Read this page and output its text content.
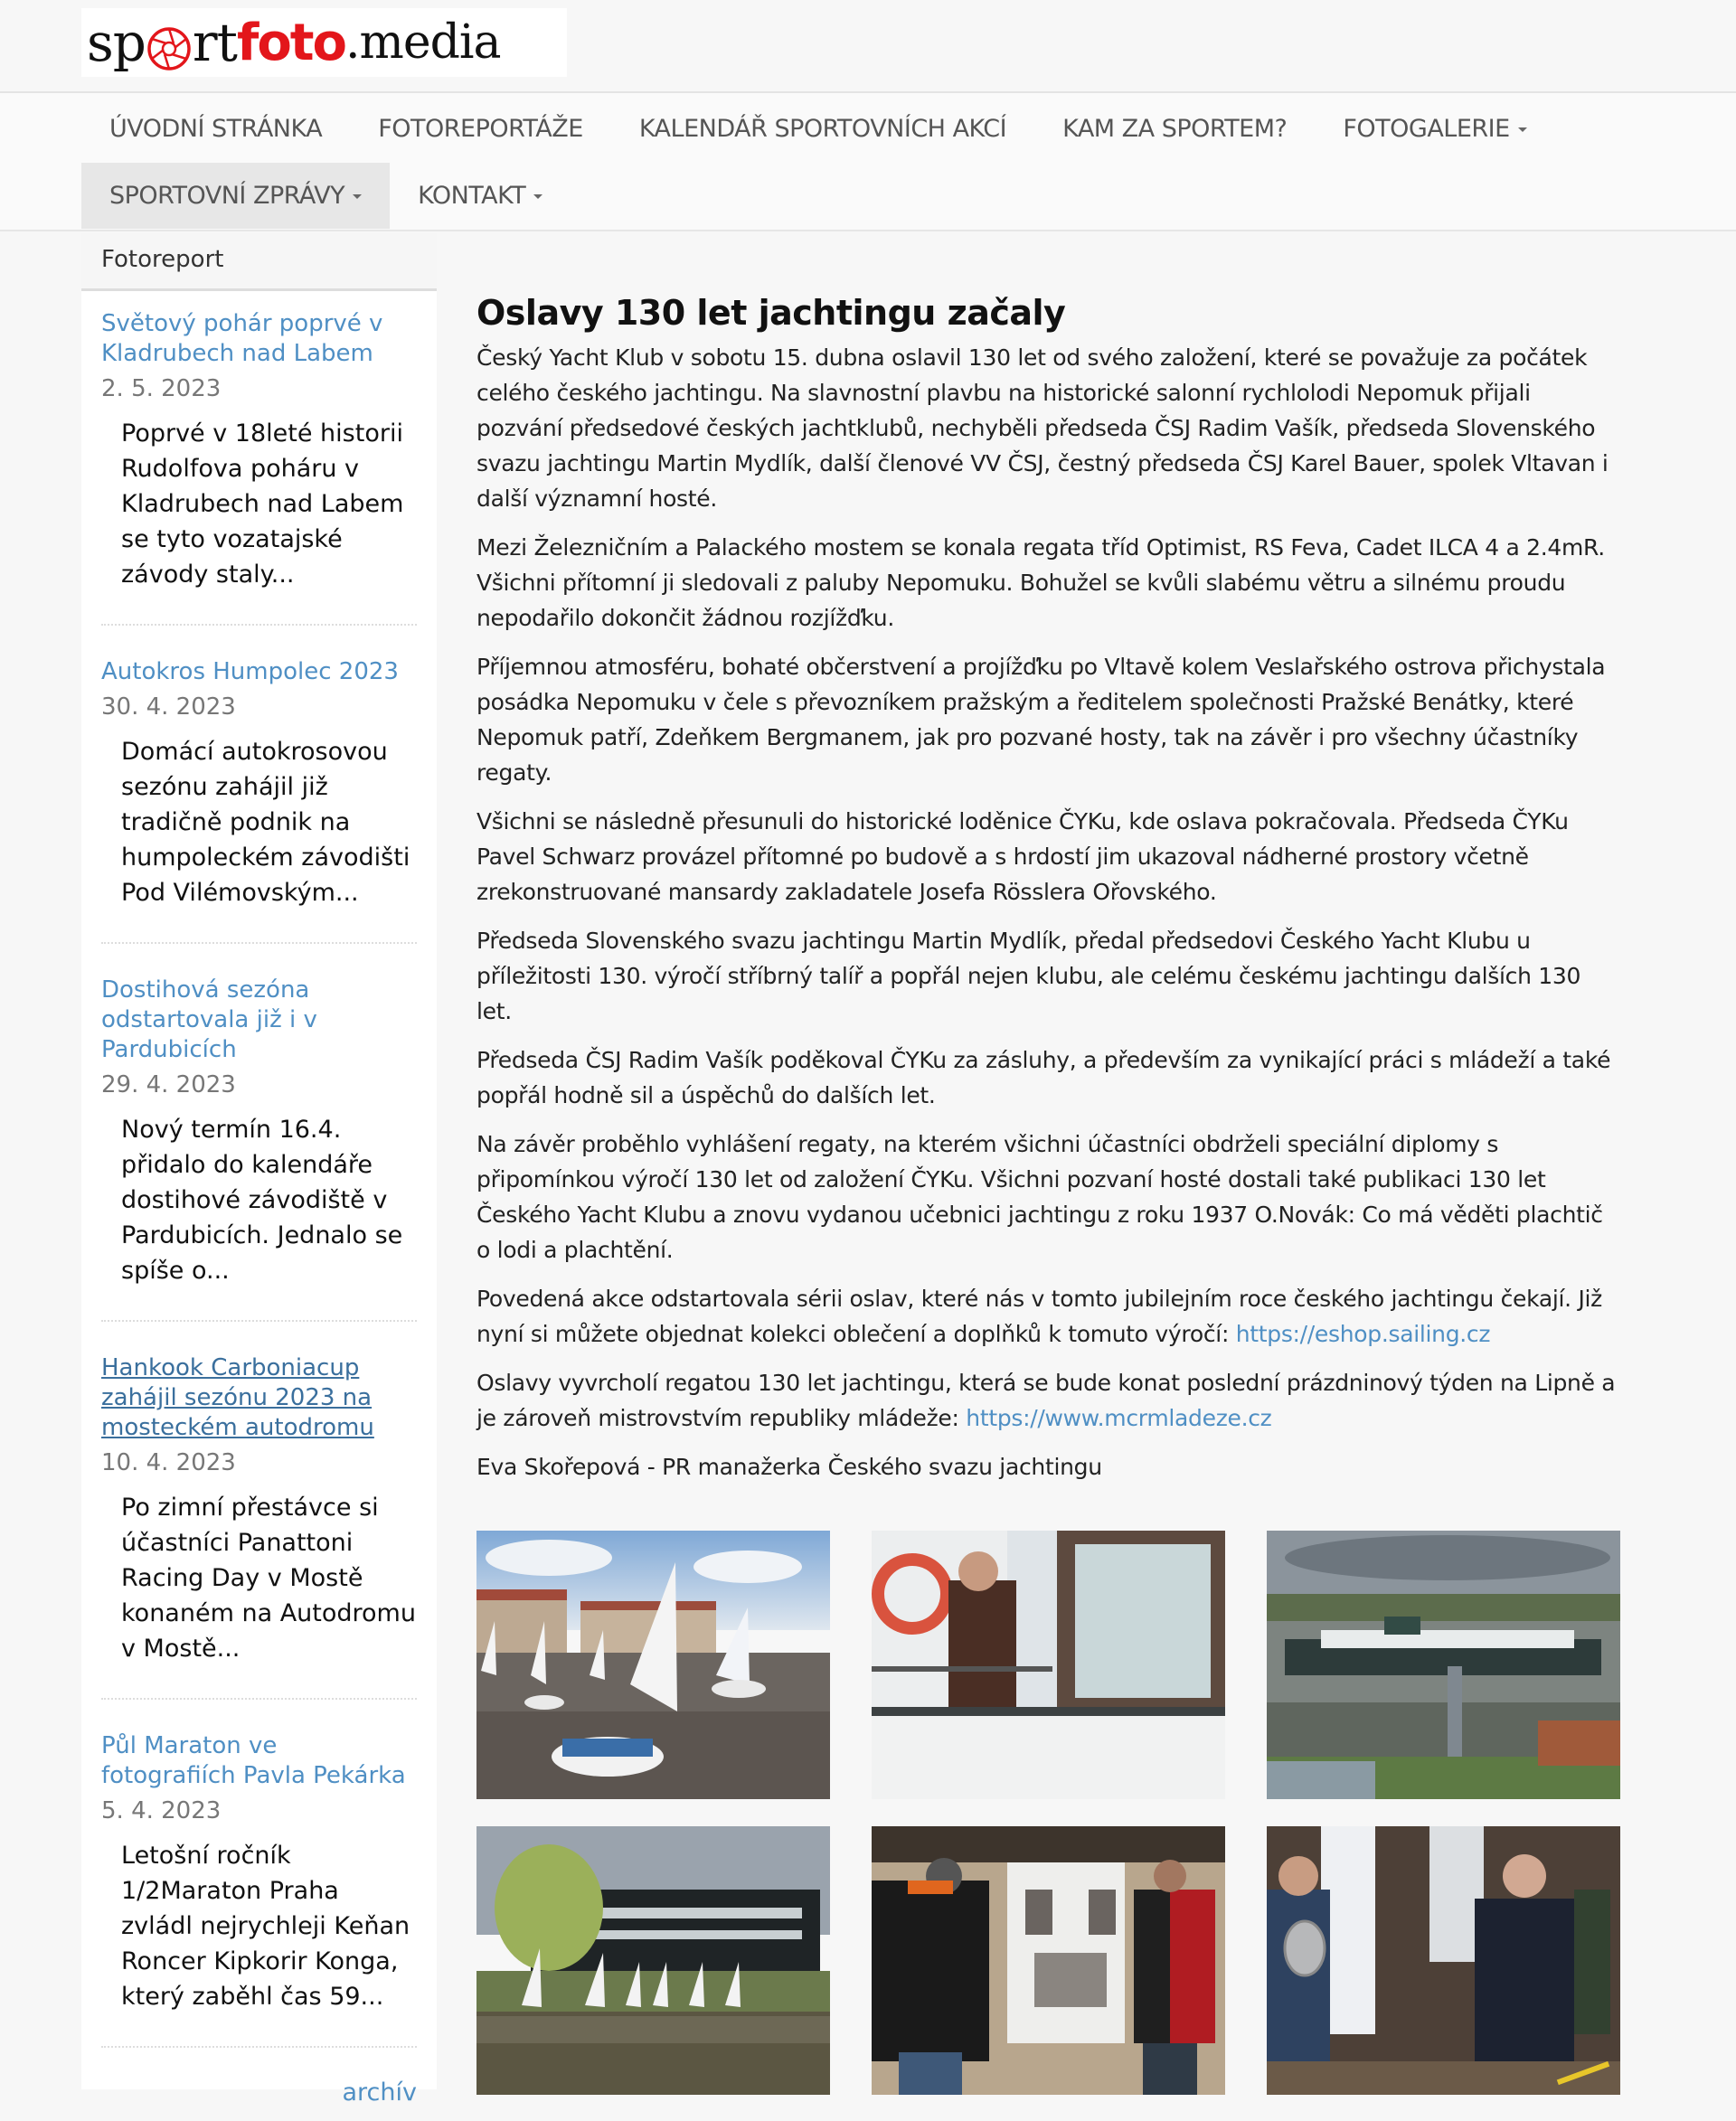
sp rt foto .media
ÚVODNÍ STRÁNKA FOTOREPORTÁŽE KALENDÁŘ SPORTOVNÍCH AKCÍ KAM ZA SPORTEM? FOTOGALERIE
SPORTOVNÍ ZPRÁVY	KONTAKT
Fotoreport
Světový pohár poprvé v Kladrubech nad Labem
2. 5. 2023
Poprvé v 18leté historii Rudolfova poháru v Kladrubech nad Labem se tyto vozatajské závody staly...
Autokros Humpolec 2023
30. 4. 2023
Domácí autokrosovou sezónu zahájil již tradičně podnik na humpoleckém závodišti Pod Vilémovským...
Dostihová sezóna odstartovala již i v Pardubicích
29. 4. 2023
Nový termín 16.4. přidalo do kalendáře dostihové závodiště v Pardubicích. Jednalo se spíše o...
Hankook Carboniacup zahájil sezónu 2023 na mosteckém autodromu
10. 4. 2023
Po zimní přestávce si účastníci Panattoni Racing Day v Mostě konaném na Autodromu v Mostě...
Půl Maraton ve fotografiích Pavla Pekárka
5. 4. 2023
Letošní ročník 1/2Maraton Praha zvládl nejrychleji Keňan Roncer Kipkorir Konga, který zaběhl čas 59...
archív
Oslavy 130 let jachtingu začaly

Český Yacht Klub v sobotu 15. dubna oslavil 130 let od svého založení, které se považuje za počátek celého českého jachtingu. Na slavnostní plavbu na historické salonní rychlolodi Nepomuk přijali pozvání předsedové českých jachtklubů, nechyběli předseda ČSJ Radim Vašík, předseda Slovenského svazu jachtingu Martin Mydlík, další členové VV ČSJ, čestný předseda ČSJ Karel Bauer, spolek Vltavan i další významní hosté.

Mezi Železničním a Palackého mostem se konala regata tříd Optimist, RS Feva, Cadet ILCA 4 a 2.4mR. Všichni přítomní ji sledovali z paluby Nepomuku. Bohužel se kvůli slabému větru a silnému proudu nepodařilo dokončit žádnou rozjížďku.

Příjemnou atmosféru, bohaté občerstvení a projížďku po Vltavě kolem Veslařského ostrova přichystala posádka Nepomuku v čele s převozníkem pražským a ředitelem společnosti Pražské Benátky, které Nepomuk patří, Zdeňkem Bergmanem, jak pro pozvané hosty, tak na závěr i pro všechny účastníky regaty.

Všichni se následně přesunuli do historické loděnice ČYKu, kde oslava pokračovala. Předseda ČYKu Pavel Schwarz provázel přítomné po budově a s hrdostí jim ukazoval nádherné prostory včetně zrekonstruované mansardy zakladatele Josefa Rösslera Ořovského.

Předseda Slovenského svazu jachtingu Martin Mydlík, předal předsedovi Českého Yacht Klubu u příležitosti 130. výročí stříbrný talíř a popřál nejen klubu, ale celému českému jachtingu dalších 130 let.

Předseda ČSJ Radim Vašík poděkoval ČYKu za zásluhy, a především za vynikající práci s mládeží a také popřál hodně sil a úspěchů do dalších let.

Na závěr proběhlo vyhlášení regaty, na kterém všichni účastníci obdrželi speciální diplomy s připomínkou výročí 130 let od založení ČYKu. Všichni pozvaní hosté dostali také publikaci 130 let Českého Yacht Klubu a znovu vydanou učebnici jachtingu z roku 1937 O.Novák: Co má věděti plachtič o lodi a plachtění.

Povedená akce odstartovala sérii oslav, které nás v tomto jubilejním roce českého jachtingu čekají. Již nyní si můžete objednat kolekci oblečení a doplňků k tomuto výročí: https://eshop.sailing.cz

Oslavy vyvrcholí regatou 130 let jachtingu, která se bude konat poslední prázdninový týden na Lipně a je zároveň mistrovstvím republiky mládeže: https://www.mcrmladeze.cz

Eva Skořepová - PR manažerka Českého svazu jachtingu
